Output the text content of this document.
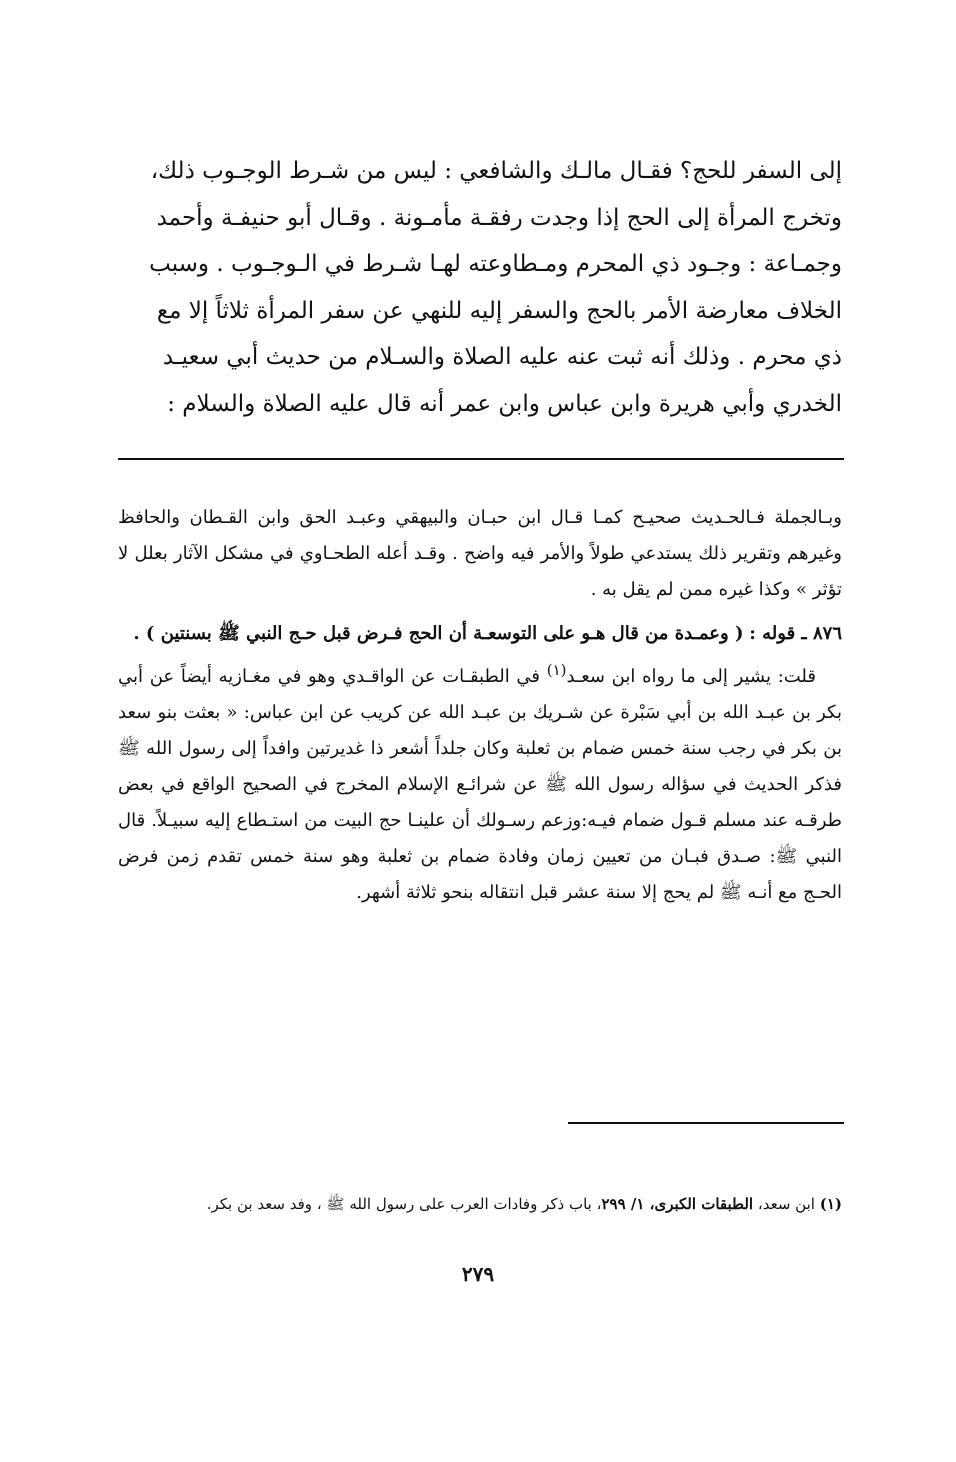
إلى السفر للحج؟ فقـال مالـك والشافعي : ليس من شـرط الوجـوب ذلك،

وتخرج المرأة إلى الحج إذا وجدت رفقـة مأمـونة . وقـال أبو حنيفـة وأحمد

وجمـاعة : وجـود ذي المحرم ومـطاوعته لهـا شـرط في الـوجـوب . وسبب

الخلاف معارضة الأمر بالحج والسفر إليه للنهي عن سفر المرأة ثلاثاً إلا مع

ذي محرم . وذلك أنه ثبت عنه عليه الصلاة والسـلام من حديث أبي سعيـد

الخدري وأبي هريرة وابن عباس وابن عمر أنه قال عليه الصلاة والسلام :

وبـالجملة فـالحـديث صحيـح كمـا قـال ابن حبـان والبيهقي وعبـد الحق وابن القـطان والحافظ وغيرهم وتقرير ذلك يستدعي طولاً والأمر فيه واضح . وقـد أعله الطحـاوي في مشكل الآثار بعلل لا تؤثر » وكذا غيره ممن لم يقل به .

٨٧٦ ـ قوله : ( وعمـدة من قال هـو على التوسعـة أن الحج فـرض قبل حـج النبي ﷺ بسنتين ) .

قلت: يشير إلى ما رواه ابن سعـد$^{(١)}$ في الطبقـات عن الواقـدي وهو في مغـازيه أيضاً عن أبي بكر بن عبـد الله بن أبي سَبْرة عن شـريك بن عبـد الله عن كريب عن ابن عباس: « بعثت بنو سعد بن بكر في رجب سنة خمس ضمام بن ثعلبة وكان جلداً أشعر ذا غديرتين وافداً إلى رسول الله ﷺ فذكر الحديث في سؤاله رسول الله ﷺ عن شرائـع الإسلام المخرج في الصحيح الواقع في بعض طرقـه عند مسلم قـول ضمام فيـه:وزعم رسـولك أن علينـا حج البيت من استـطاع إليه سبيـلاً. قال النبي ﷺ: صـدق فبـان من تعيين زمان وفادة ضمام بن ثعلبة وهو سنة خمس تقدم زمن فرض الحـج مع أنـه ﷺ لم يحج إلا سنة عشر قبل انتقاله بنحو ثلاثة أشهر.

(١) ابن سعد، الطبقات الكبرى، ١/ ٢٩٩، باب ذكر وفادات العرب على رسول الله ﷺ ، وفد سعد بن بكر.
٢٧٩
